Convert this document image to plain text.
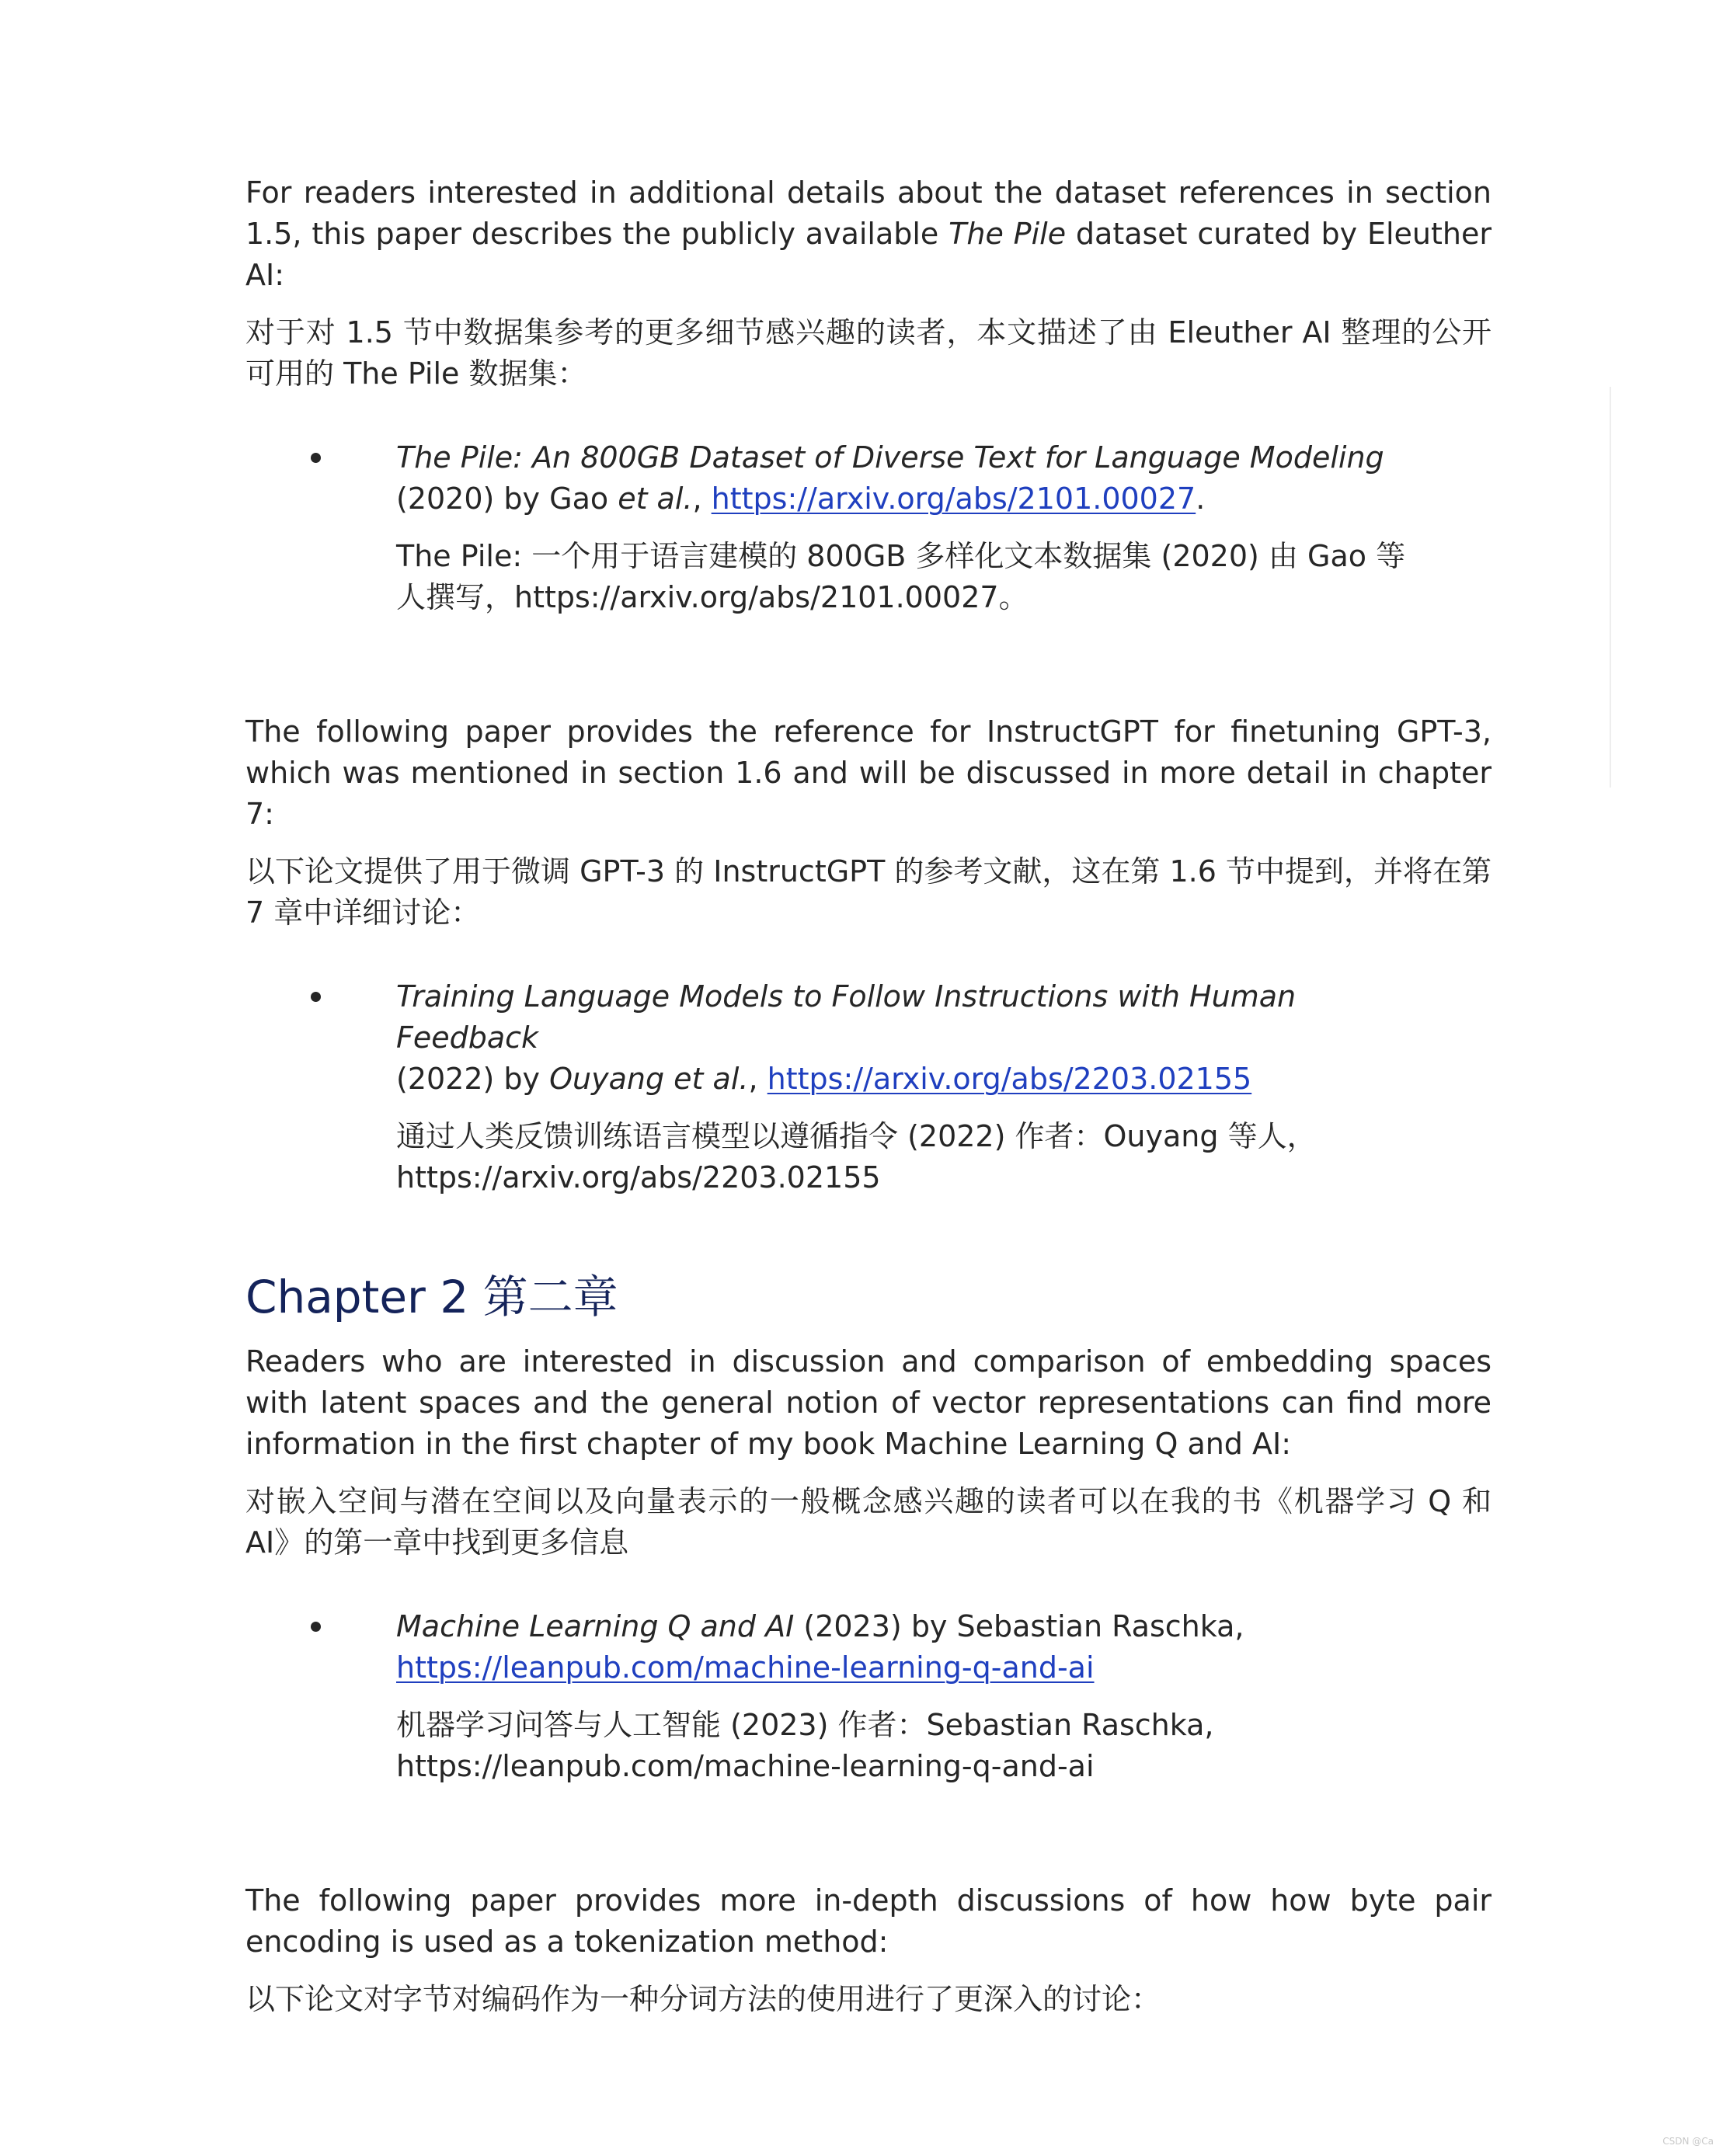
For readers interested in additional details about the dataset references in section 1.5, this paper describes the publicly available The Pile dataset curated by Eleuther AI:

对于对 1.5 节中数据集参考的更多细节感兴趣的读者，本文描述了由 Eleuther AI 整理的公开可用的 The Pile 数据集：

The Pile: An 800GB Dataset of Diverse Text for Language Modeling

(2020) by Gao et al., https://arxiv.org/abs/2101.00027.

The Pile: 一个用于语言建模的 800GB 多样化文本数据集 (2020) 由 Gao 等人撰写，https://arxiv.org/abs/2101.00027。

The following paper provides the reference for InstructGPT for finetuning GPT-3, which was mentioned in section 1.6 and will be discussed in more detail in chapter 7:

以下论文提供了用于微调 GPT-3 的 InstructGPT 的参考文献，这在第 1.6 节中提到，并将在第 7 章中详细讨论：

Training Language Models to Follow Instructions with Human Feedback

(2022) by Ouyang et al., https://arxiv.org/abs/2203.02155

通过人类反馈训练语言模型以遵循指令 (2022) 作者：Ouyang 等人，
https://arxiv.org/abs/2203.02155
Chapter 2 第二章

Readers who are interested in discussion and comparison of embedding spaces with latent spaces and the general notion of vector representations can find more information in the first chapter of my book Machine Learning Q and AI:

对嵌入空间与潜在空间以及向量表示的一般概念感兴趣的读者可以在我的书《机器学习 Q 和 AI》的第一章中找到更多信息

Machine Learning Q and AI (2023) by Sebastian Raschka,

https://leanpub.com/machine-learning-q-and-ai

机器学习问答与人工智能 (2023) 作者：Sebastian Raschka,
https://leanpub.com/machine-learning-q-and-ai

The following paper provides more in-depth discussions of how how byte pair encoding is used as a tokenization method:

以下论文对字节对编码作为一种分词方法的使用进行了更深入的讨论：

CSDN @Ca
